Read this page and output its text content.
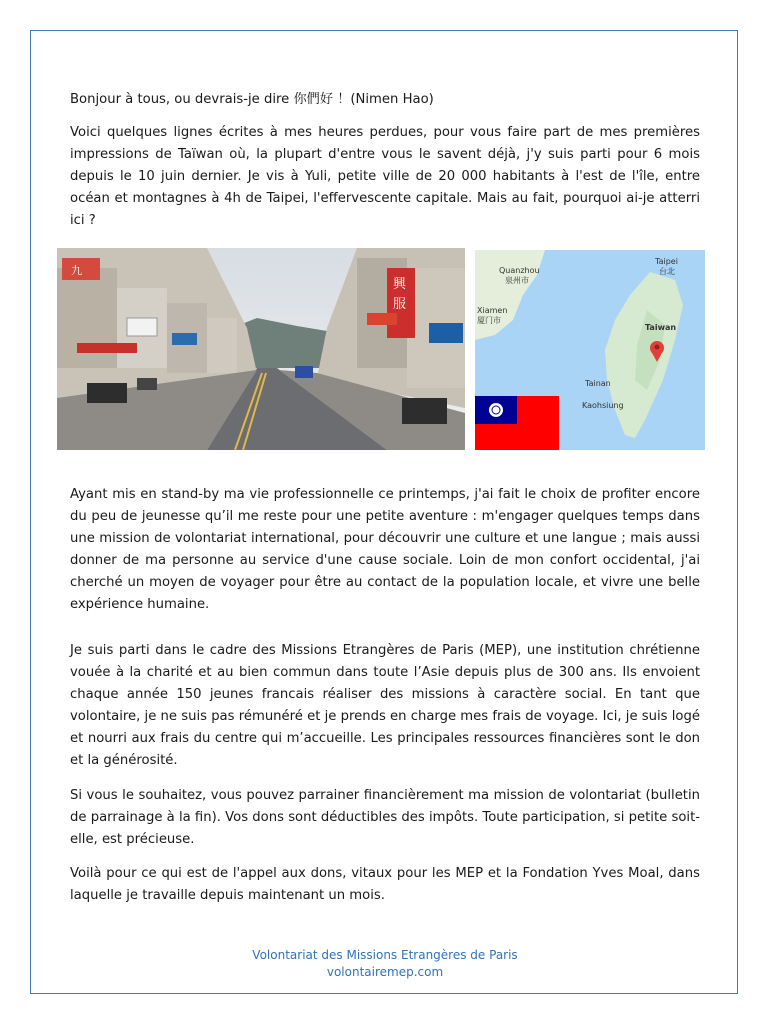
Bonjour à tous, ou devrais-je dire 你們好 ！(Nimen Hao)

Voici quelques lignes écrites à mes heures perdues, pour vous faire part de mes premières impressions de Taïwan où, la plupart d'entre vous le savent déjà, j'y suis parti pour 6 mois depuis le 10 juin dernier. Je vis à Yuli, petite ville de 20 000 habitants à l'est de l'île, entre océan et montagnes à 4h de Taipei, l'effervescente capitale. Mais au fait, pourquoi ai-je atterri ici ?

九
興
服
Taipei
台北
Quanzhou
泉州市
Xiamen
厦门市
Taiwan
Tainan
Kaohsiung

Ayant mis en stand-by ma vie professionnelle ce printemps, j'ai fait le choix de profiter encore du peu de jeunesse qu’il me reste pour une petite aventure : m'engager quelques temps dans une mission de volontariat international, pour découvrir une culture et une langue ; mais aussi donner de ma personne au service d'une cause sociale. Loin de mon confort occidental, j'ai cherché un moyen de voyager pour être au contact de la population locale, et vivre une belle expérience humaine.

Je suis parti dans le cadre des Missions Etrangères de Paris (MEP), une institution chrétienne vouée à la charité et au bien commun dans toute l’Asie depuis plus de 300 ans. Ils envoient chaque année 150 jeunes francais réaliser des missions à caractère social. En tant que volontaire, je ne suis pas rémunéré et je prends en charge mes frais de voyage. Ici, je suis logé et nourri aux frais du centre qui m’accueille. Les principales ressources financières sont le don et la générosité.

Si vous le souhaitez, vous pouvez parrainer financièrement ma mission de volontariat (bulletin de parrainage à la fin). Vos dons sont déductibles des impôts. Toute participation, si petite soit-elle, est précieuse.

Voilà pour ce qui est de l'appel aux dons, vitaux pour les MEP et la Fondation Yves Moal, dans laquelle je travaille depuis maintenant un mois.

Volontariat des Missions Etrangères de Paris
volontairemep.com
